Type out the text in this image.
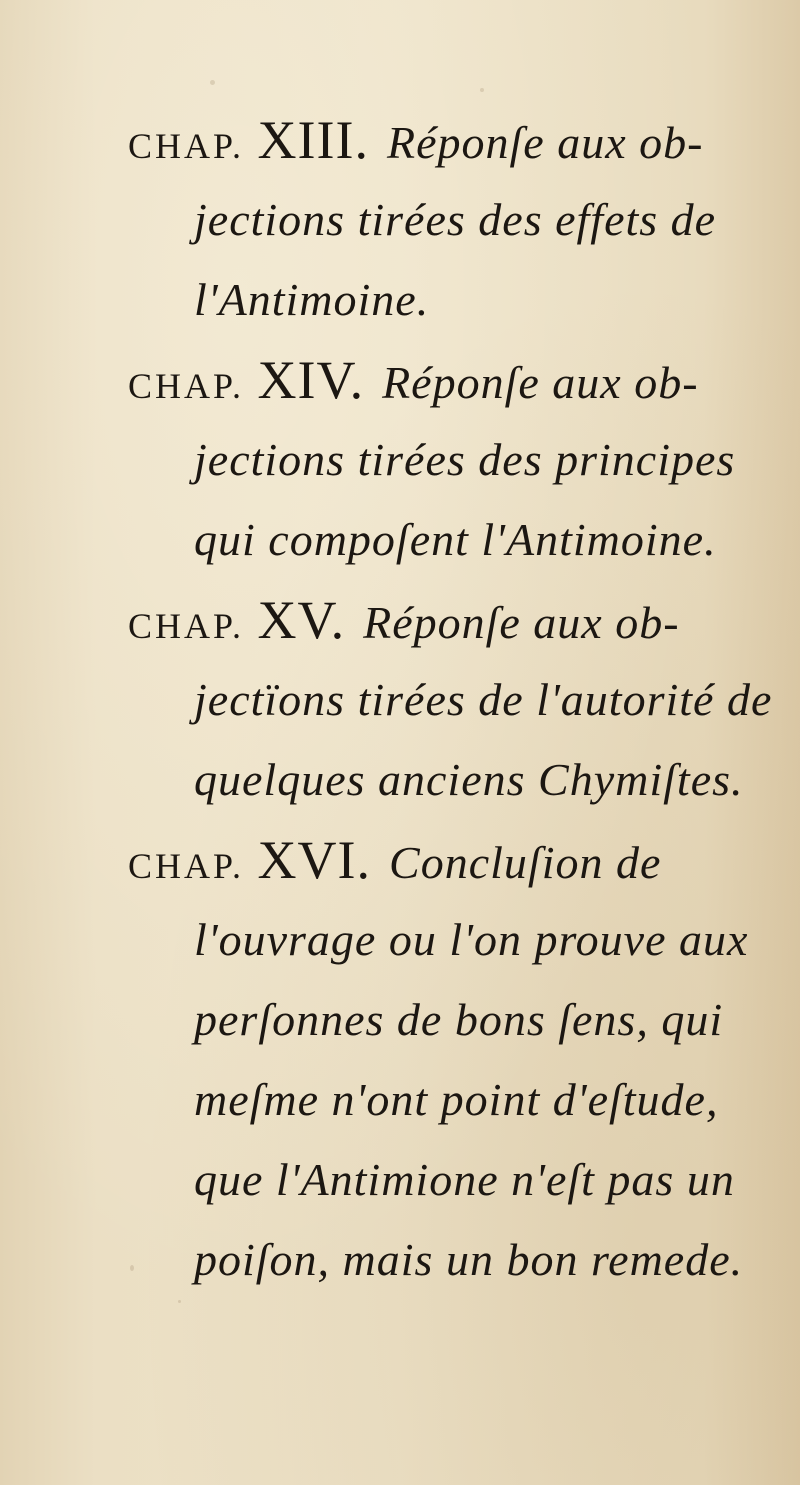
CHAP. XIII. Réponſe aux ob-
jections tirées des effets de
l'Antimoine.
CHAP. XIV. Réponſe aux ob-
jections tirées des principes
qui compoſent l'Antimoine.
CHAP. XV. Réponſe aux ob-
jectïons tirées de l'autorité de
quelques anciens Chymiſtes.
CHAP. XVI. Concluſion de
l'ouvrage ou l'on prouve aux
perſonnes de bons ſens, qui
meſme n'ont point d'eſtude,
que l'Antimione n'eſt pas un
poiſon, mais un bon remede.
